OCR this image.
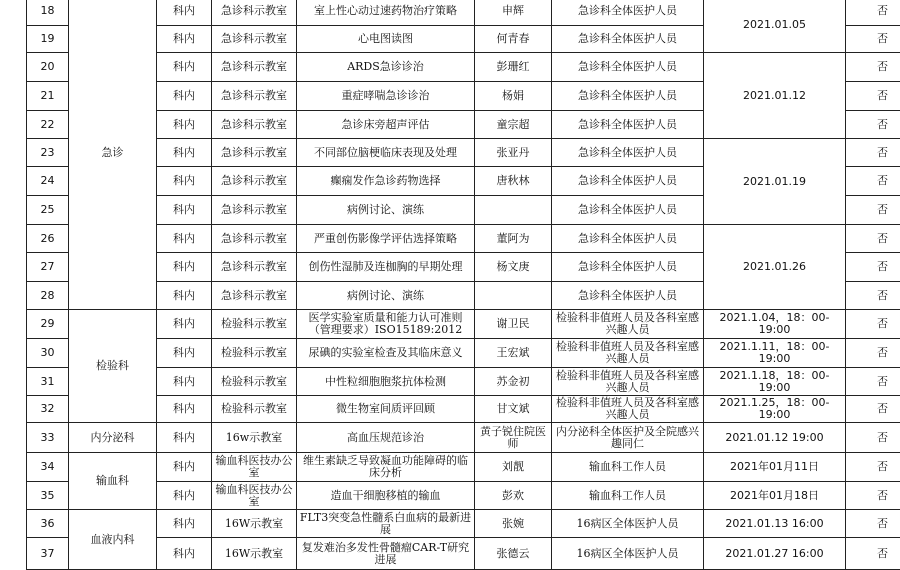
18	急诊	科内	急诊科示教室	室上性心动过速药物治疗策略	申辉	急诊科全体医护人员	2021.01.05	否
19		科内	急诊科示教室	心电图读图	何青春	急诊科全体医护人员		否
20		科内	急诊科示教室	ARDS急诊诊治	彭珊红	急诊科全体医护人员	2021.01.12	否
21		科内	急诊科示教室	重症哮喘急诊诊治	杨娟	急诊科全体医护人员		否
22		科内	急诊科示教室	急诊床旁超声评估	童宗超	急诊科全体医护人员		否
23		科内	急诊科示教室	不同部位脑梗临床表现及处理	张亚丹	急诊科全体医护人员	2021.01.19	否
24		科内	急诊科示教室	癫痫发作急诊药物选择	唐秋林	急诊科全体医护人员		否
25		科内	急诊科示教室	病例讨论、演练		急诊科全体医护人员		否
26		科内	急诊科示教室	严重创伤影像学评估选择策略	董阿为	急诊科全体医护人员	2021.01.26	否
27		科内	急诊科示教室	创伤性湿肺及连枷胸的早期处理	杨文庚	急诊科全体医护人员		否
28		科内	急诊科示教室	病例讨论、演练		急诊科全体医护人员		否
29	检验科	科内	检验科示教室	医学实验室质量和能力认可准则（管理要求）ISO15189:2012	谢卫民	检验科非值班人员及各科室感兴趣人员	2021.1.04，18：00-19:00	否
30		科内	检验科示教室	尿碘的实验室检查及其临床意义	王宏斌	检验科非值班人员及各科室感兴趣人员	2021.1.11，18：00-19:00	否
31		科内	检验科示教室	中性粒细胞胞浆抗体检测	苏金初	检验科非值班人员及各科室感兴趣人员	2021.1.18，18：00-19:00	否
32		科内	检验科示教室	微生物室间质评回顾	甘文斌	检验科非值班人员及各科室感兴趣人员	2021.1.25，18：00-19:00	否
33	内分泌科	科内	16w示教室	高血压规范诊治	黄子锐住院医师	内分泌科全体医护及全院感兴趣同仁	2021.01.12 19:00	否
34	输血科	科内	输血科医技办公室	维生素缺乏导致凝血功能障碍的临床分析	刘靓	输血科工作人员	2021年01月11日	否
35		科内	输血科医技办公室	造血干细胞移植的输血	彭欢	输血科工作人员	2021年01月18日	否
36	血液内科	科内	16W示教室	FLT3突变急性髓系白血病的最新进展	张婉	16病区全体医护人员	2021.01.13 16:00	否
37		科内	16W示教室	复发难治多发性骨髓瘤CAR-T研究进展	张德云	16病区全体医护人员	2021.01.27 16:00	否
